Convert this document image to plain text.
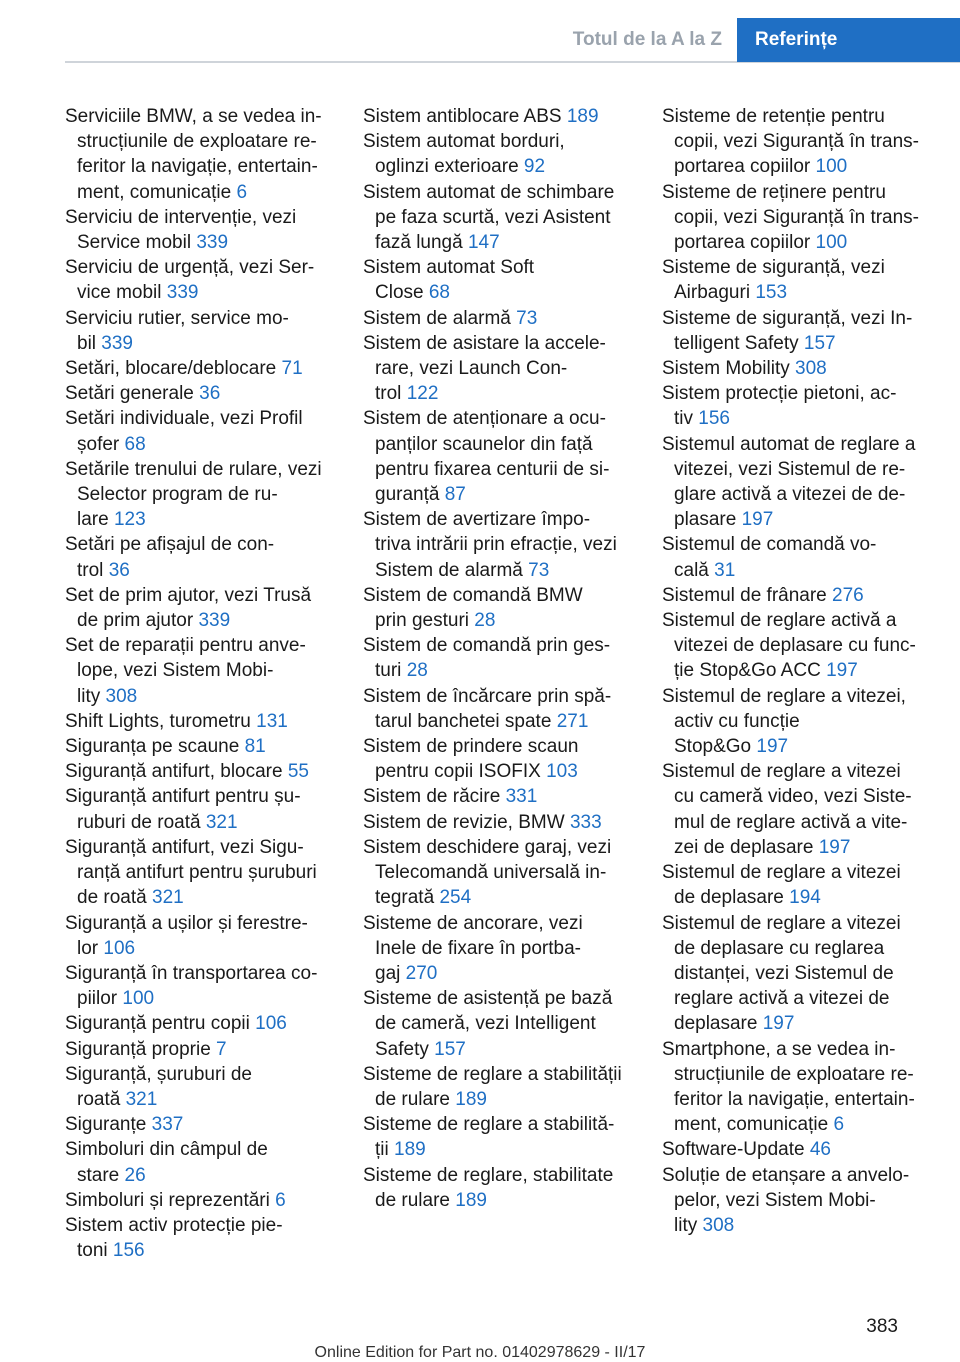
Totul de la A la Z	Referințe
Serviciile BMW, a se vedea in‐
strucțiunile de exploatare re‐
feritor la navigație, entertain‐
ment, comunicație 6
Serviciu de intervenție, vezi
Service mobil 339
Serviciu de urgență, vezi Ser‐
vice mobil 339
Serviciu rutier, service mo‐
bil 339
Setări, blocare/deblocare 71
Setări generale 36
Setări individuale, vezi Profil
șofer 68
Setările trenului de rulare, vezi
Selector program de ru‐
lare 123
Setări pe afișajul de con‐
trol 36
Set de prim ajutor, vezi Trusă
de prim ajutor 339
Set de reparații pentru anve‐
lope, vezi Sistem Mobi‐
lity 308
Shift Lights, turometru 131
Siguranța pe scaune 81
Siguranță antifurt, blocare 55
Siguranță antifurt pentru șu‐
ruburi de roată 321
Siguranță antifurt, vezi Sigu‐
ranță antifurt pentru șuruburi
de roată 321
Siguranță a ușilor și ferestre‐
lor 106
Siguranță în transportarea co‐
piilor 100
Siguranță pentru copii 106
Siguranță proprie 7
Siguranță, șuruburi de
roată 321
Siguranțe 337
Simboluri din câmpul de
stare 26
Simboluri și reprezentări 6
Sistem activ protecție pie‐
toni 156
Sistem antiblocare ABS 189
Sistem automat borduri,
oglinzi exterioare 92
Sistem automat de schimbare
pe faza scurtă, vezi Asistent
fază lungă 147
Sistem automat Soft
Close 68
Sistem de alarmă 73
Sistem de asistare la accele‐
rare, vezi Launch Con‐
trol 122
Sistem de atenționare a ocu‐
panților scaunelor din față
pentru fixarea centurii de si‐
guranță 87
Sistem de avertizare împo‐
triva intrării prin efracție, vezi
Sistem de alarmă 73
Sistem de comandă BMW
prin gesturi 28
Sistem de comandă prin ges‐
turi 28
Sistem de încărcare prin spă‐
tarul banchetei spate 271
Sistem de prindere scaun
pentru copii ISOFIX 103
Sistem de răcire 331
Sistem de revizie, BMW 333
Sistem deschidere garaj, vezi
Telecomandă universală in‐
tegrată 254
Sisteme de ancorare, vezi
Inele de fixare în portba‐
gaj 270
Sisteme de asistență pe bază
de cameră, vezi Intelligent
Safety 157
Sisteme de reglare a stabilității
de rulare 189
Sisteme de reglare a stabilită‐
ții 189
Sisteme de reglare, stabilitate
de rulare 189
Sisteme de retenție pentru
copii, vezi Siguranță în trans‐
portarea copiilor 100
Sisteme de reținere pentru
copii, vezi Siguranță în trans‐
portarea copiilor 100
Sisteme de siguranță, vezi
Airbaguri 153
Sisteme de siguranță, vezi In‐
telligent Safety 157
Sistem Mobility 308
Sistem protecție pietoni, ac‐
tiv 156
Sistemul automat de reglare a
vitezei, vezi Sistemul de re‐
glare activă a vitezei de de‐
plasare 197
Sistemul de comandă vo‐
cală 31
Sistemul de frânare 276
Sistemul de reglare activă a
vitezei de deplasare cu func‐
ție Stop&Go ACC 197
Sistemul de reglare a vitezei,
activ cu funcție
Stop&Go 197
Sistemul de reglare a vitezei
cu cameră video, vezi Siste‐
mul de reglare activă a vite‐
zei de deplasare 197
Sistemul de reglare a vitezei
de deplasare 194
Sistemul de reglare a vitezei
de deplasare cu reglarea
distanței, vezi Sistemul de
reglare activă a vitezei de
deplasare 197
Smartphone, a se vedea in‐
strucțiunile de exploatare re‐
feritor la navigație, entertain‐
ment, comunicație 6
Software-Update 46
Soluție de etanșare a anvelo‐
pelor, vezi Sistem Mobi‐
lity 308
383
Online Edition for Part no. 01402978629 - II/17
